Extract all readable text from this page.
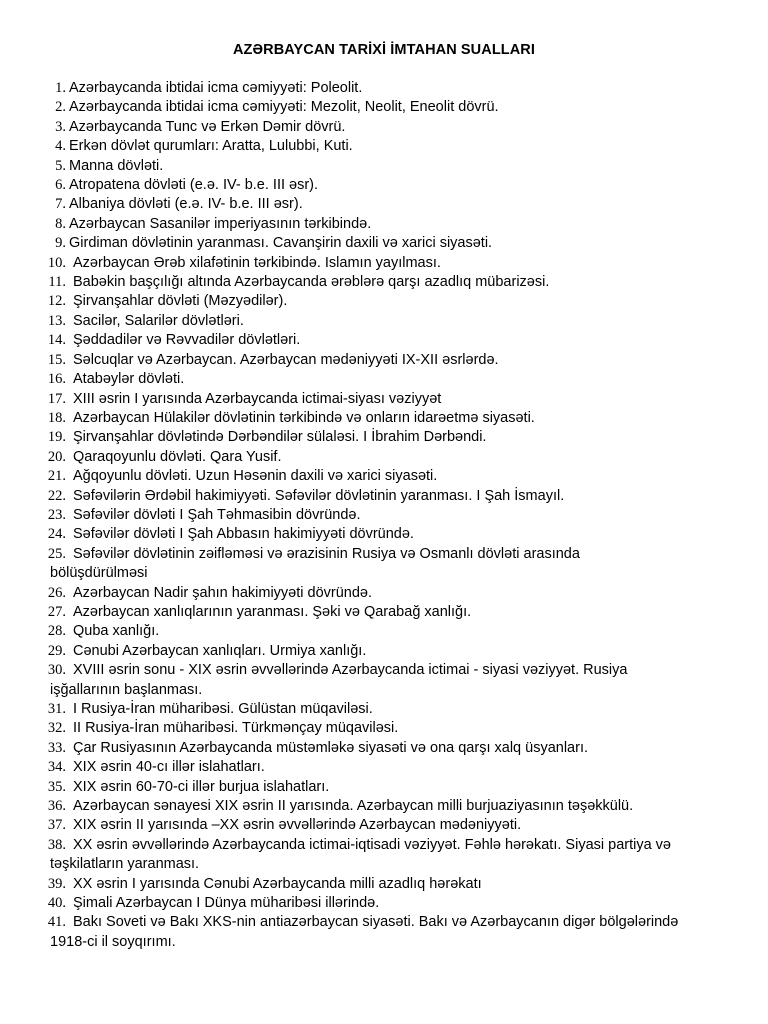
AZƏRBAYCAN TARİXİ İMTAHAN SUALLARI
1. Azərbaycanda ibtidai icma cəmiyyəti: Poleolit.
2. Azərbaycanda ibtidai icma cəmiyyəti: Mezolit, Neolit, Eneolit dövrü.
3. Azərbaycanda Tunc və Erkən Dəmir dövrü.
4. Erkən dövlət qurumları: Aratta, Lulubbi, Kuti.
5. Manna dövləti.
6. Atropatena dövləti (e.ə. IV- b.e. III əsr).
7. Albaniya dövləti (e.ə. IV- b.e. III əsr).
8. Azərbaycan Sasanilər imperiyasının tərkibində.
9. Girdiman dövlətinin yaranması. Cavanşirin daxili və xarici siyasəti.
10. Azərbaycan Ərəb xilafətinin tərkibində. Islamın yayılması.
11. Babəkin başçılığı altında Azərbaycanda ərəblərə qarşı azadlıq mübarizəsi.
12. Şirvanşahlar dövləti (Məzyədilər).
13. Sacilər, Salarilər dövlətləri.
14. Şəddadilər və Rəvvadilər dövlətləri.
15. Səlcuqlar və Azərbaycan. Azərbaycan mədəniyyəti IX-XII əsrlərdə.
16. Atabəylər dövləti.
17. XIII əsrin I yarısında Azərbaycanda ictimai-siyası vəziyyət
18. Azərbaycan Hülakilər dövlətinin tərkibində və onların idarəetmə siyasəti.
19. Şirvanşahlar dövlətində Dərbəndilər sülaləsi. I İbrahim Dərbəndi.
20. Qaraqoyunlu dövləti. Qara Yusif.
21. Ağqoyunlu dövləti. Uzun Həsənin daxili və xarici siyasəti.
22. Səfəvilərin Ərdəbil hakimiyyəti. Səfəvilər dövlətinin yaranması. I Şah İsmayıl.
23. Səfəvilər dövləti I Şah Təhmasibin dövründə.
24. Səfəvilər dövləti I Şah Abbasın hakimiyyəti dövründə.
25. Səfəvilər dövlətinin zəifləməsi və ərazisinin Rusiya və Osmanlı dövləti arasında
bölüşdürülməsi
26. Azərbaycan Nadir şahın hakimiyyəti dövründə.
27. Azərbaycan xanlıqlarının yaranması. Şəki və Qarabağ xanlığı.
28. Quba xanlığı.
29. Cənubi Azərbaycan xanlıqları. Urmiya xanlığı.
30. XVIII əsrin sonu - XIX əsrin əvvəllərində Azərbaycanda ictimai - siyasi vəziyyət. Rusiya
işğallarının başlanması.
31. I Rusiya-İran müharibəsi. Gülüstan müqaviləsi.
32. II Rusiya-İran müharibəsi. Türkmənçay müqaviləsi.
33. Çar Rusiyasının Azərbaycanda müstəmləkə siyasəti və ona qarşı xalq üsyanları.
34. XIX əsrin 40-cı illər islahatları.
35. XIX əsrin 60-70-ci illər burjua islahatları.
36. Azərbaycan sənayesi XIX əsrin II yarısında. Azərbaycan milli burjuaziyasının təşəkkülü.
37. XIX əsrin II yarısında –XX əsrin əvvəllərində Azərbaycan mədəniyyəti.
38. XX əsrin əvvəllərində Azərbaycanda ictimai-iqtisadi vəziyyət. Fəhlə hərəkatı. Siyasi partiya və
təşkilatların yaranması.
39. XX əsrin I yarısında Cənubi Azərbaycanda milli azadlıq hərəkatı
40. Şimali Azərbaycan I Dünya müharibəsi illərində.
41. Bakı Soveti və Bakı XKS-nin antiazərbaycan siyasəti. Bakı və Azərbaycanın digər bölgələrində
1918-ci il soyqırımı.
